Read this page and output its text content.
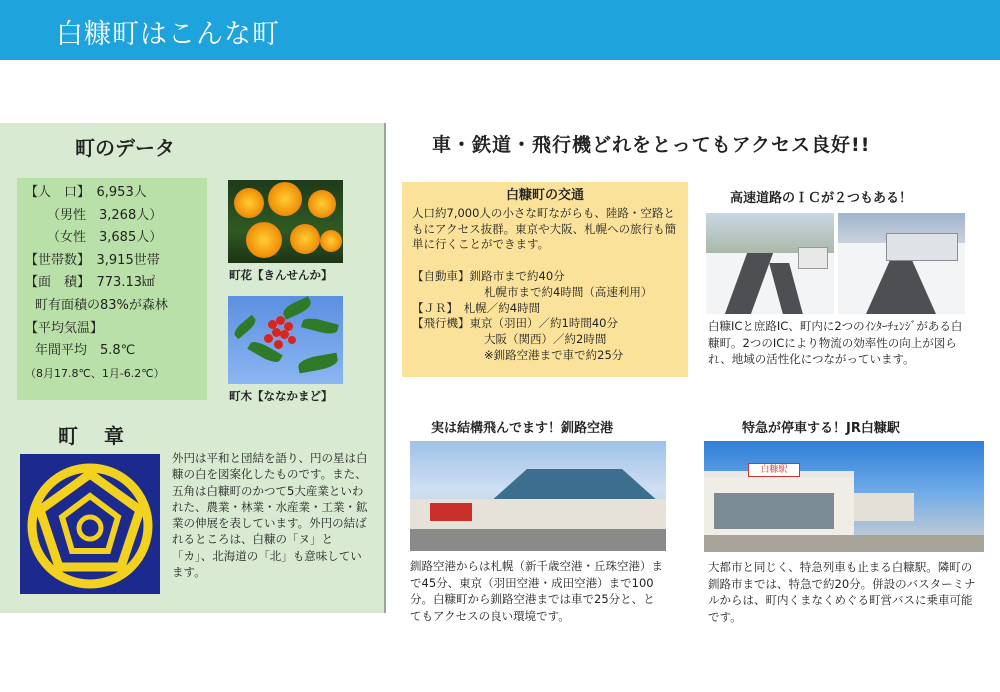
白糠町はこんな町
町のデータ
【人　口】　6,953人
（男性　3,268人）
（女性　3,685人）
【世帯数】　3,915世帯
【面　積】　773.13㎢
町有面積の83%が森林
【平均気温】
年間平均　5.8℃
（8月17.8℃、1月-6.2℃）
町花【きんせんか】
町木【ななかまど】
町章
外円は平和と団結を語り、円の星は白糠の白を図案化したものです。また、五角は白糠町のかつて5大産業といわれた、農業・林業・水産業・工業・鉱業の伸展を表しています。外円の結ばれるところは、白糠の「ヌ」と「カ」、北海道の「北」も意味しています。
車・鉄道・飛行機どれをとってもアクセス良好!!
白糠町の交通
人口約7,000人の小さな町ながらも、陸路・空路ともにアクセス抜群。東京や大阪、札幌への旅行も簡単に行くことができます。
【自動車】釧路市まで約40分
札幌市まで約4時間（高速利用）
【ＪＲ】　札幌／約4時間
【飛行機】東京（羽田）／約1時間40分
大阪（関西）／約2時間
※釧路空港まで車で約25分
高速道路のＩＣが２つもある！
白糠ICと庶路IC、町内に2つのｲﾝﾀｰﾁｪﾝｼﾞがある白糠町。2つのICにより物流の効率性の向上が図られ、地域の活性化につながっています。
実は結構飛んでます！釧路空港
釧路空港からは札幌（新千歳空港・丘珠空港）まで45分、東京（羽田空港・成田空港）まで100 分。白糠町から釧路空港までは車で25分と、とてもアクセスの良い環境です。
特急が停車する！JR白糠駅
白糠駅
大都市と同じく、特急列車も止まる白糠駅。隣町の釧路市までは、特急で約20分。併設のバスターミナルからは、町内くまなくめぐる町営バスに乗車可能です。
